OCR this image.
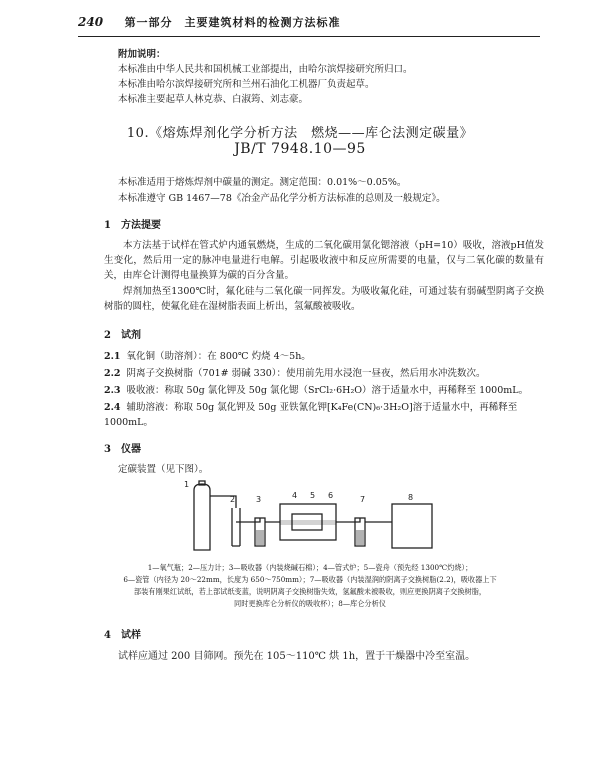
240 第一部分　主要建筑材料的检测方法标准
附加说明：
本标准由中华人民共和国机械工业部提出，由哈尔滨焊接研究所归口。
本标准由哈尔滨焊接研究所和兰州石油化工机器厂负责起草。
本标准主要起草人林克恭、白淑筠、刘志豪。
10.《熔炼焊剂化学分析方法　燃烧——库仑法测定碳量》
JB/T 7948.10—95
本标准适用于熔炼焊剂中碳量的测定。测定范围：0.01%～0.05%。
本标准遵守 GB 1467—78《冶金产品化学分析方法标准的总则及一般规定》。
1　方法提要
本方法基于试样在管式炉内通氧燃烧，生成的二氧化碳用氯化锶溶液（pH=10）吸收，溶液pH值发生变化，然后用一定的脉冲电量进行电解。引起吸收液中和反应所需要的电量，仅与二氧化碳的数量有关，由库仑计测得电量换算为碳的百分含量。
焊剂加热至1300℃时，氟化硅与二氧化碳一同挥发。为吸收氟化硅，可通过装有弱碱型阴离子交换树脂的圆柱，使氟化硅在湿树脂表面上析出，氢氟酸被吸收。
2　试剂
2.1 氧化铜（助溶剂）：在 800℃ 灼烧 4～5h。
2.2 阴离子交换树脂（701# 弱碱 330）：使用前先用水浸泡一昼夜，然后用水冲洗数次。
2.3 吸收液：称取 50g 氯化钾及 50g 氯化锶（SrCl₂·6H₂O）溶于适量水中，再稀释至 1000mL。
2.4 辅助溶液：称取 50g 氯化钾及 50g 亚铁氰化钾[K₄Fe(CN)₆·3H₂O]溶于适量水中，再稀释至 1000mL。
3　仪器
定碳装置（见下图）。
1
2	3	4 5 6	7	8
1—氧气瓶；2—压力计；3—吸收器（内装烧碱石棉）；4—管式炉；5—瓷舟（预先经 1300℃灼烧）；
6—瓷管（内径为 20～22mm，长度为 650～750mm）；7—吸收器（内装湿润的阴离子交换树脂(2.2)，吸收器上下
部装有刚果红试纸，若上部试纸变蓝，说明阴离子交换树脂失效，氢氟酸未被吸收，则应更换阴离子交换树脂，
同时更换库仑分析仪的吸收杯）；8—库仑分析仪
4　试样
试样应通过 200 目筛网。预先在 105～110℃ 烘 1h，置于干燥器中冷至室温。
